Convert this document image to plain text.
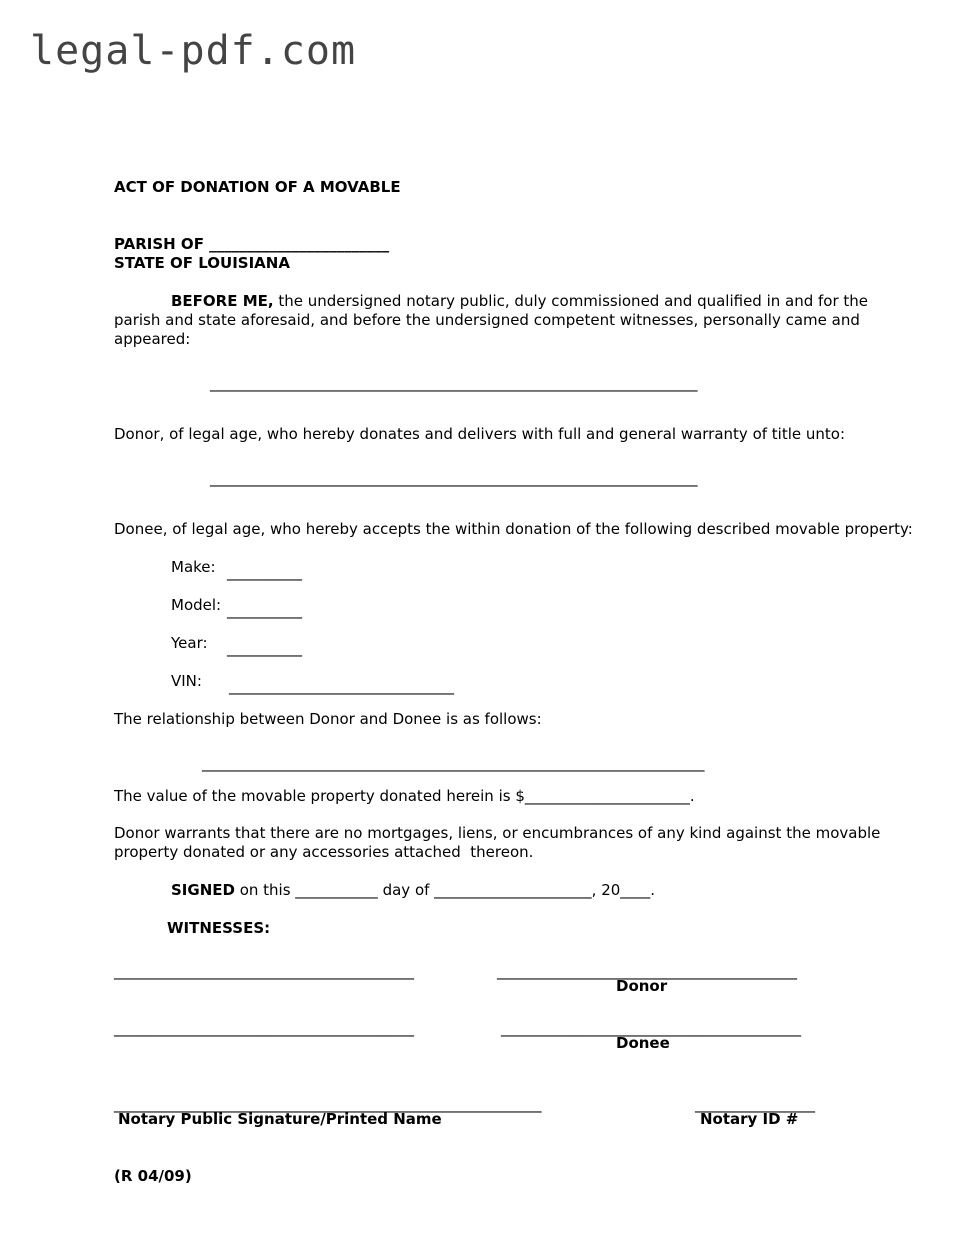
legal-pdf.com
ACT OF DONATION OF A MOVABLE
PARISH OF ________________________
STATE OF LOUISIANA
BEFORE ME, the undersigned notary public, duly commissioned and qualified in and for the
parish and state aforesaid, and before the undersigned competent witnesses, personally came and
appeared:
_________________________________________________________________
Donor, of legal age, who hereby donates and delivers with full and general warranty of title unto:
_________________________________________________________________
Donee, of legal age, who hereby accepts the within donation of the following described movable property:
Make: __________
Model: __________
Year: __________
VIN: ______________________________
The relationship between Donor and Donee is as follows:
___________________________________________________________________
The value of the movable property donated herein is $______________________.
Donor warrants that there are no mortgages, liens, or encumbrances of any kind against the movable
property donated or any accessories attached  thereon.
SIGNED on this ___________ day of _____________________, 20____.
WITNESSES:
________________________________________	________________________________________
Donor
________________________________________	________________________________________
Donee
_________________________________________________________	________________
Notary Public Signature/Printed Name	Notary ID #
(R 04/09)
